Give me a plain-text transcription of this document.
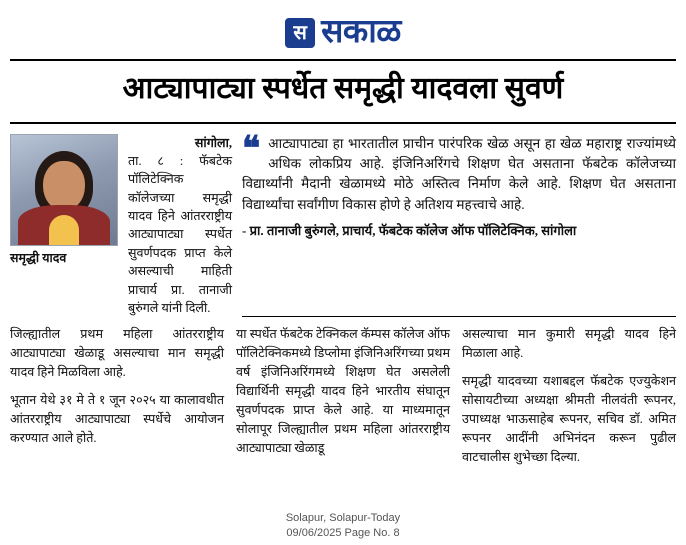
स सकाळ
आट्यापाट्या स्पर्धेत समृद्धी यादवला सुवर्ण
समृद्धी यादव
सांगोला,

ता. ८ : फॅबटेक पॉलिटेक्निक कॉलेजच्या समृद्धी यादव हिने आंतरराष्ट्रीय आट्यापाट्या स्पर्धेत सुवर्णपदक प्राप्त केले असल्याची माहिती प्राचार्य प्रा. तानाजी बुरुंगले यांनी दिली.

❝ आट्यापाट्या हा भारतातील प्राचीन पारंपरिक खेळ असून हा खेळ महाराष्ट्र राज्यांमध्ये अधिक लोकप्रिय आहे. इंजिनिअरिंगचे शिक्षण घेत असताना फॅबटेक कॉलेजच्या विद्यार्थ्यांनी मैदानी खेळामध्ये मोठे अस्तित्व निर्माण केले आहे. शिक्षण घेत असताना विद्यार्थ्यांचा सर्वांगीण विकास होणे हे अतिशय महत्त्वाचे आहे.
- प्रा. तानाजी बुरुंगले, प्राचार्य, फॅबटेक कॉलेज ऑफ पॉलिटेक्निक, सांगोला

जिल्ह्यातील प्रथम महिला आंतरराष्ट्रीय आट्यापाट्या खेळाडू असल्याचा मान समृद्धी यादव हिने मिळविला आहे.

भूतान येथे ३१ मे ते १ जून २०२५ या कालावधीत आंतरराष्ट्रीय आट्यापाट्या स्पर्धेचे आयोजन करण्यात आले होते.

या स्पर्धेत फॅबटेक टेक्निकल कॅम्पस कॉलेज ऑफ पॉलिटेक्निकमध्ये डिप्लोमा इंजिनिअरिंगच्या प्रथम वर्ष इंजिनिअरिंगमध्ये शिक्षण घेत असलेली विद्यार्थिनी समृद्धी यादव हिने भारतीय संघातून सुवर्णपदक प्राप्त केले आहे. या माध्यमातून सोलापूर जिल्ह्यातील प्रथम महिला आंतरराष्ट्रीय आट्यापाट्या खेळाडू

असल्याचा मान कुमारी समृद्धी यादव हिने मिळाला आहे.

समृद्धी यादवच्या यशाबद्दल फॅबटेक एज्युकेशन सोसायटीच्या अध्यक्षा श्रीमती नीलवंती रूपनर, उपाध्यक्ष भाऊसाहेब रूपनर, सचिव डॉ. अमित रूपनर आदींनी अभिनंदन करून पुढील वाटचालीस शुभेच्छा दिल्या.

Solapur, Solapur-Today
09/06/2025 Page No. 8
